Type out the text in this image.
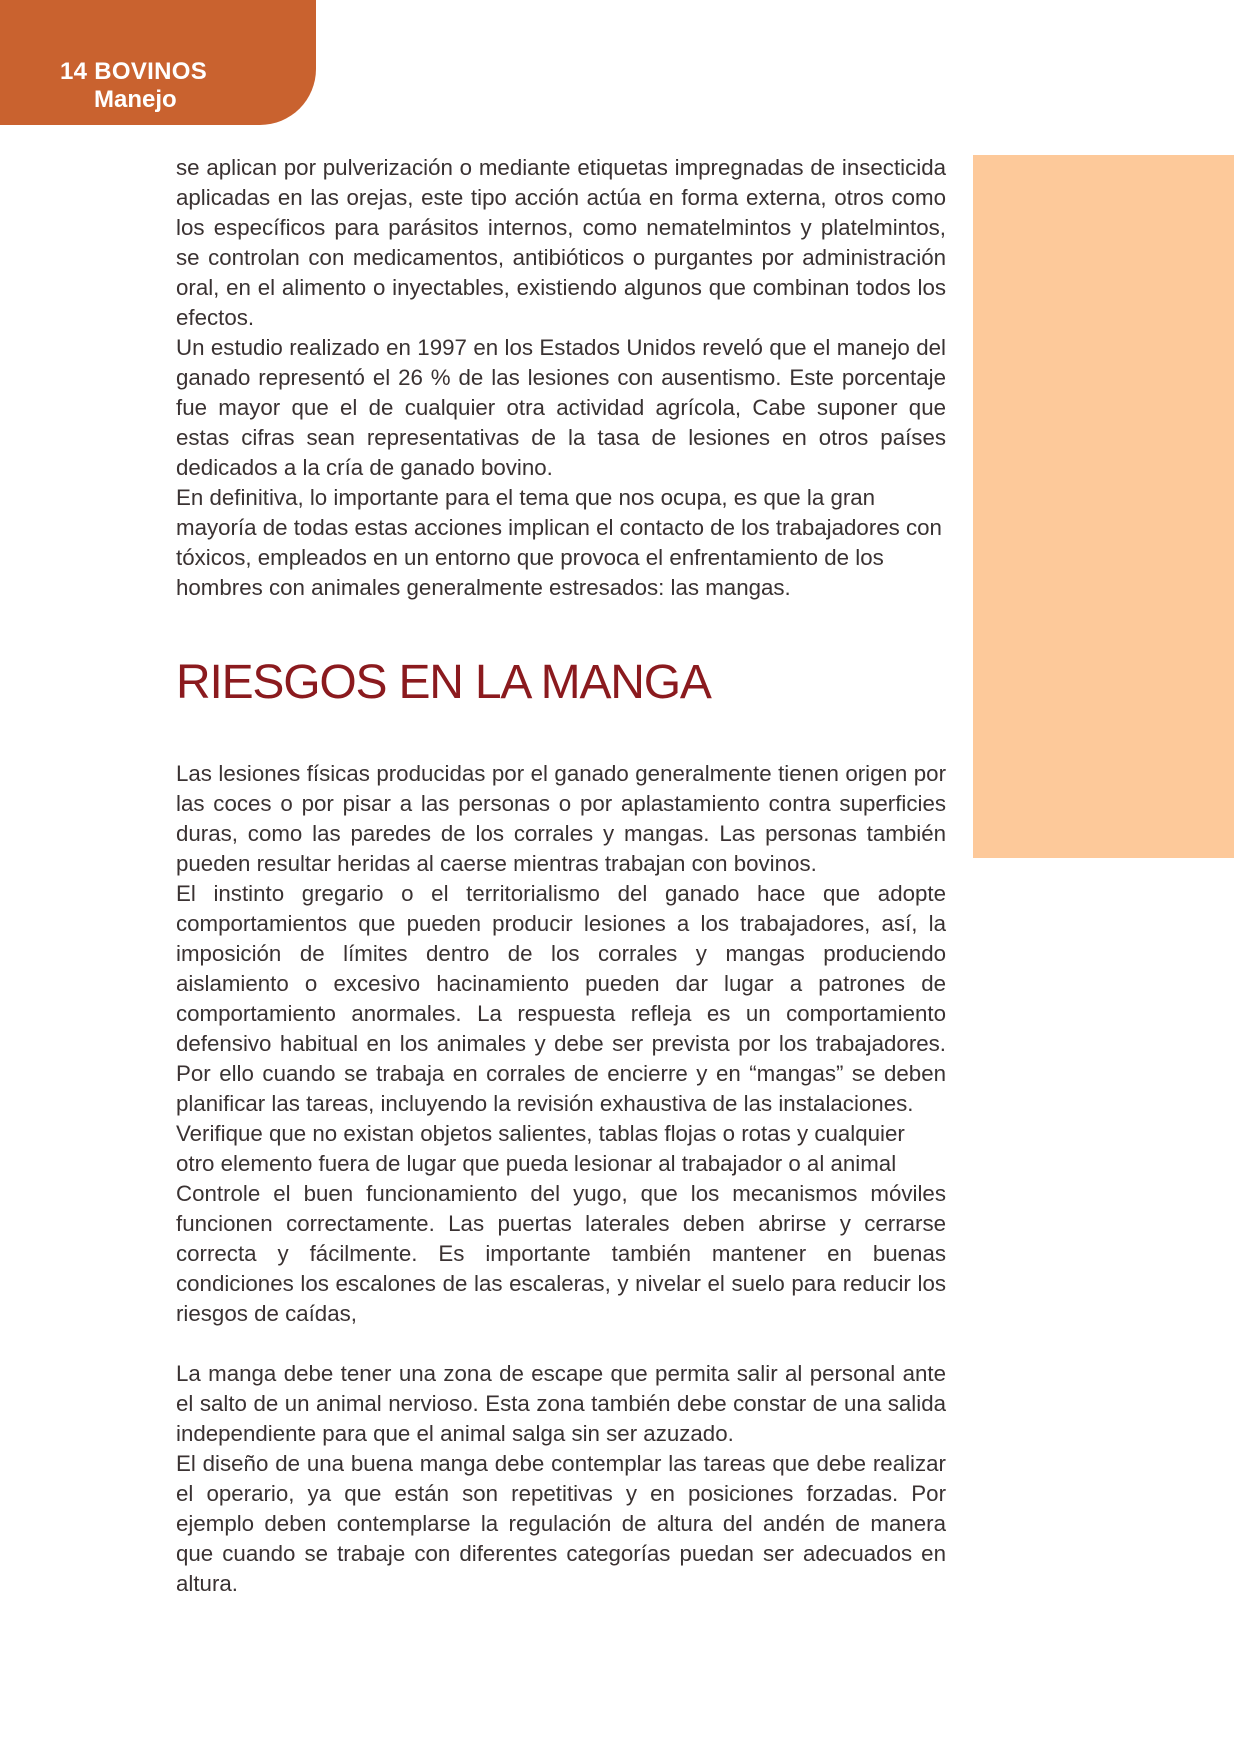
14 BOVINOS
Manejo

se aplican por pulverización o mediante etiquetas impregnadas de insecticida aplicadas en las orejas, este tipo acción actúa en forma externa, otros como los específicos para parásitos internos, como nematelmintos y platelmintos, se controlan con medicamentos, antibióticos o purgantes por administración oral, en el alimento o inyectables, existiendo algunos que combinan todos los efectos.

Un estudio realizado en 1997 en los Estados Unidos reveló que el manejo del ganado representó el 26 % de las lesiones con ausentismo. Este porcentaje fue mayor que el de cualquier otra actividad agrícola, Cabe suponer que estas cifras sean representativas de la tasa de lesiones en otros países dedicados a la cría de ganado bovino.

En definitiva, lo importante para el tema que nos ocupa, es que la gran mayoría de todas estas acciones implican el contacto de los trabajadores con tóxicos, empleados en un entorno que provoca el enfrentamiento de los hombres con animales generalmente estresados: las mangas.

RIESGOS EN LA MANGA

Las lesiones físicas producidas por el ganado generalmente tienen origen por las coces o por pisar a las personas o por aplastamiento contra superficies duras, como las paredes de los corrales y mangas. Las personas también pueden resultar heridas al caerse mientras trabajan con bovinos.

El instinto gregario o el territorialismo del ganado hace que adopte comportamientos que pueden producir lesiones a los trabajadores, así, la imposición de límites dentro de los corrales y mangas produciendo aislamiento o excesivo hacinamiento pueden dar lugar a patrones de comportamiento anormales. La respuesta refleja es un comportamiento defensivo habitual en los animales y debe ser prevista por los trabajadores. Por ello cuando se trabaja en corrales de encierre y en “mangas” se deben planificar las tareas, incluyendo la revisión exhaustiva de las instalaciones.

Verifique que no existan objetos salientes, tablas flojas o rotas y cualquier otro elemento fuera de lugar que pueda lesionar al trabajador o al animal

Controle el buen funcionamiento del yugo, que los mecanismos móviles funcionen correctamente. Las puertas laterales deben abrirse y cerrarse correcta y fácilmente. Es importante también mantener en buenas condiciones los escalones de las escaleras, y nivelar el suelo para reducir los riesgos de caídas,

La manga debe tener una zona de escape que permita salir al personal ante el salto de un animal nervioso. Esta zona también debe constar de una salida independiente para que el animal salga sin ser azuzado.

El diseño de una buena manga debe contemplar las tareas que debe realizar el operario, ya que están son repetitivas y en posiciones forzadas. Por ejemplo deben contemplarse la regulación de altura del andén de manera que cuando se trabaje con diferentes categorías puedan ser adecuados en altura.
